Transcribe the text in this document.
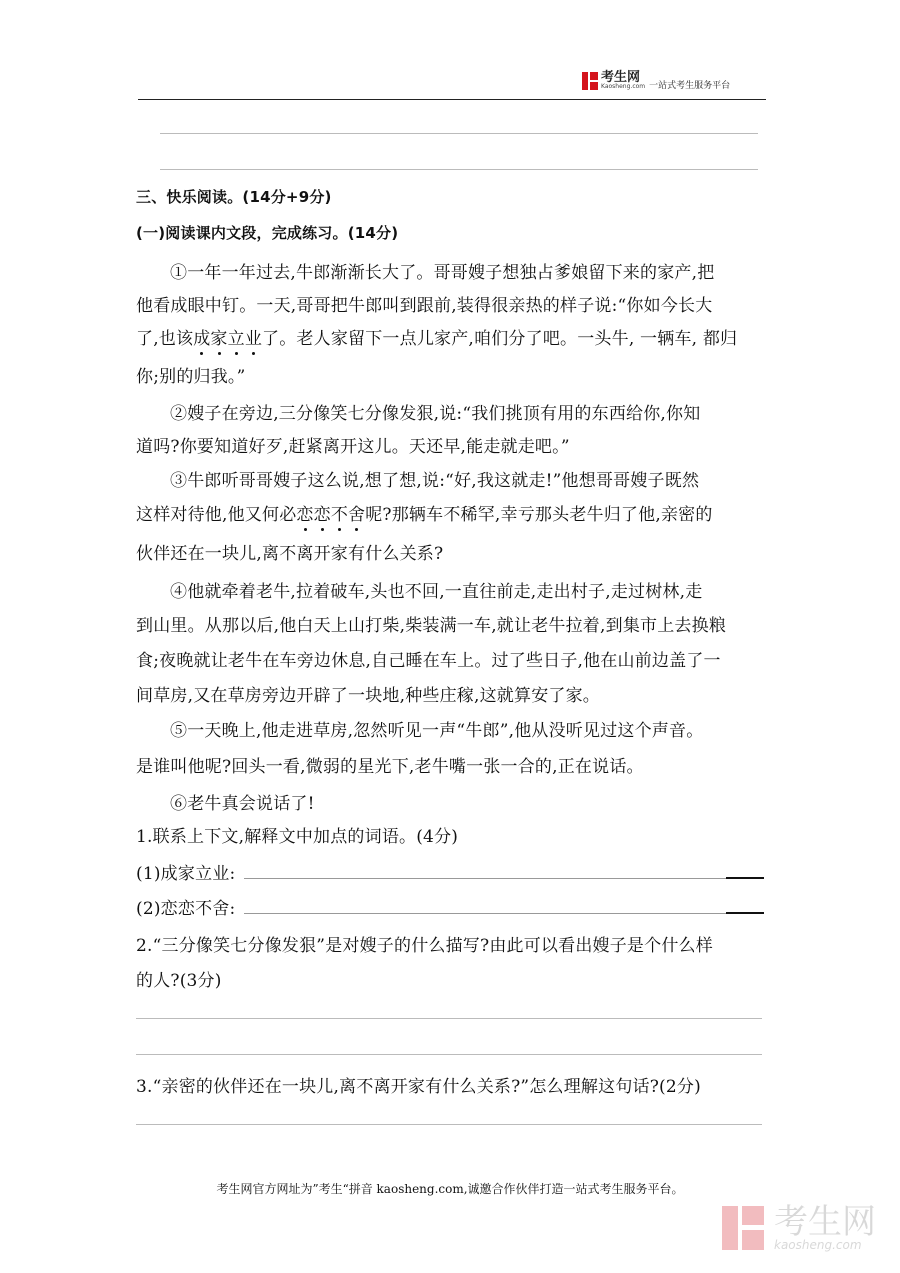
考生网
Kaosheng.com 一站式考生服务平台
三、快乐阅读。(14分+9分)
(一)阅读课内文段，完成练习。(14分)
①一年一年过去,牛郎渐渐长大了。哥哥嫂子想独占爹娘留下来的家产,把
他看成眼中钉。一天,哥哥把牛郎叫到跟前,装得很亲热的样子说:“你如今长大
了,也该成家立业了。老人家留下一点儿家产,咱们分了吧。一头牛, 一辆车, 都归
你;别的归我。”
②嫂子在旁边,三分像笑七分像发狠,说:“我们挑顶有用的东西给你,你知
道吗?你要知道好歹,赶紧离开这儿。天还早,能走就走吧。”
③牛郎听哥哥嫂子这么说,想了想,说:“好,我这就走!”他想哥哥嫂子既然
这样对待他,他又何必恋恋不舍呢?那辆车不稀罕,幸亏那头老牛归了他,亲密的
伙伴还在一块儿,离不离开家有什么关系?
④他就牵着老牛,拉着破车,头也不回,一直往前走,走出村子,走过树林,走
到山里。从那以后,他白天上山打柴,柴装满一车,就让老牛拉着,到集市上去换粮
食;夜晚就让老牛在车旁边休息,自己睡在车上。过了些日子,他在山前边盖了一
间草房,又在草房旁边开辟了一块地,种些庄稼,这就算安了家。
⑤一天晚上,他走进草房,忽然听见一声“牛郎”,他从没听见过这个声音。
是谁叫他呢?回头一看,微弱的星光下,老牛嘴一张一合的,正在说话。
⑥老牛真会说话了!
1.联系上下文,解释文中加点的词语。(4分)
(1)成家立业:
(2)恋恋不舍:
2.“三分像笑七分像发狠”是对嫂子的什么描写?由此可以看出嫂子是个什么样
的人?(3分)
3.“亲密的伙伴还在一块儿,离不离开家有什么关系?”怎么理解这句话?(2分)
考生网官方网址为”考生“拼音 kaosheng.com,诚邀合作伙伴打造一站式考生服务平台。
考生网
kaosheng.com
